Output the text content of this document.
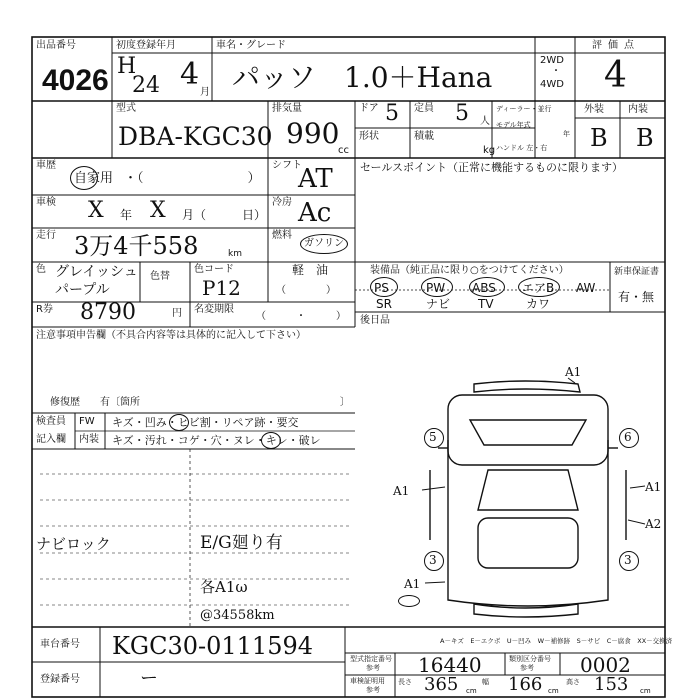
出品番号
4026
初度登録年月
H
24 4
月
車名・グレード
パッソ　1.0＋Hana
2WD
・
4WD
評価点
4
型式
DBA-KGC30
排気量
990
cc
ドア 5 定員 5 人
形状	積載
kg
ディーラー・並行
モデル年式
年
ハンドル 左・右
外装 内装
B B
車歴
自家用 ・（　　　　　　　　）
車検 X 年 X 月（　　　日）
走行 3万4千558	km
色 グレイッシュパープル
色替
色コード
P12	（　　　　）
R券 8790	円 名変期限
（　　　・　　　）
シフト
AT
冷房 Ac
燃料
ガソリン
軽　油
セールスポイント（正常に機能するものに限ります）
装備品（純正品に限り○をつけてください）
PS	PW ABS エアB AW
SR	ナビ TV	カワ
新車保証書
有・無
後日品
注意事項申告欄（不具合内容等は具体的に記入して下さい）
修復歴　　有〔箇所	〕
検査員
記入欄
FW
内装
キズ・凹み・ヒビ割・リペア跡・要交
キズ・汚れ・コゲ・穴・ヌレ・キレ・破レ
ナビロック	E/G廻り有
各A1ω
@34558km
A1
5	6
A1	A1
A2
3	3
A1
A－キズ　E－エクボ　U－凹み　W－補修跡　S－サビ　C－腐食　XX－交換済
車台番号 KGC30-0111594
登録番号	ー
型式指定番号
参考 16440	類別区分番号
参考 0002
車検証明用
参考
長さ 365 cm
幅 166 cm
高さ 153 cm
